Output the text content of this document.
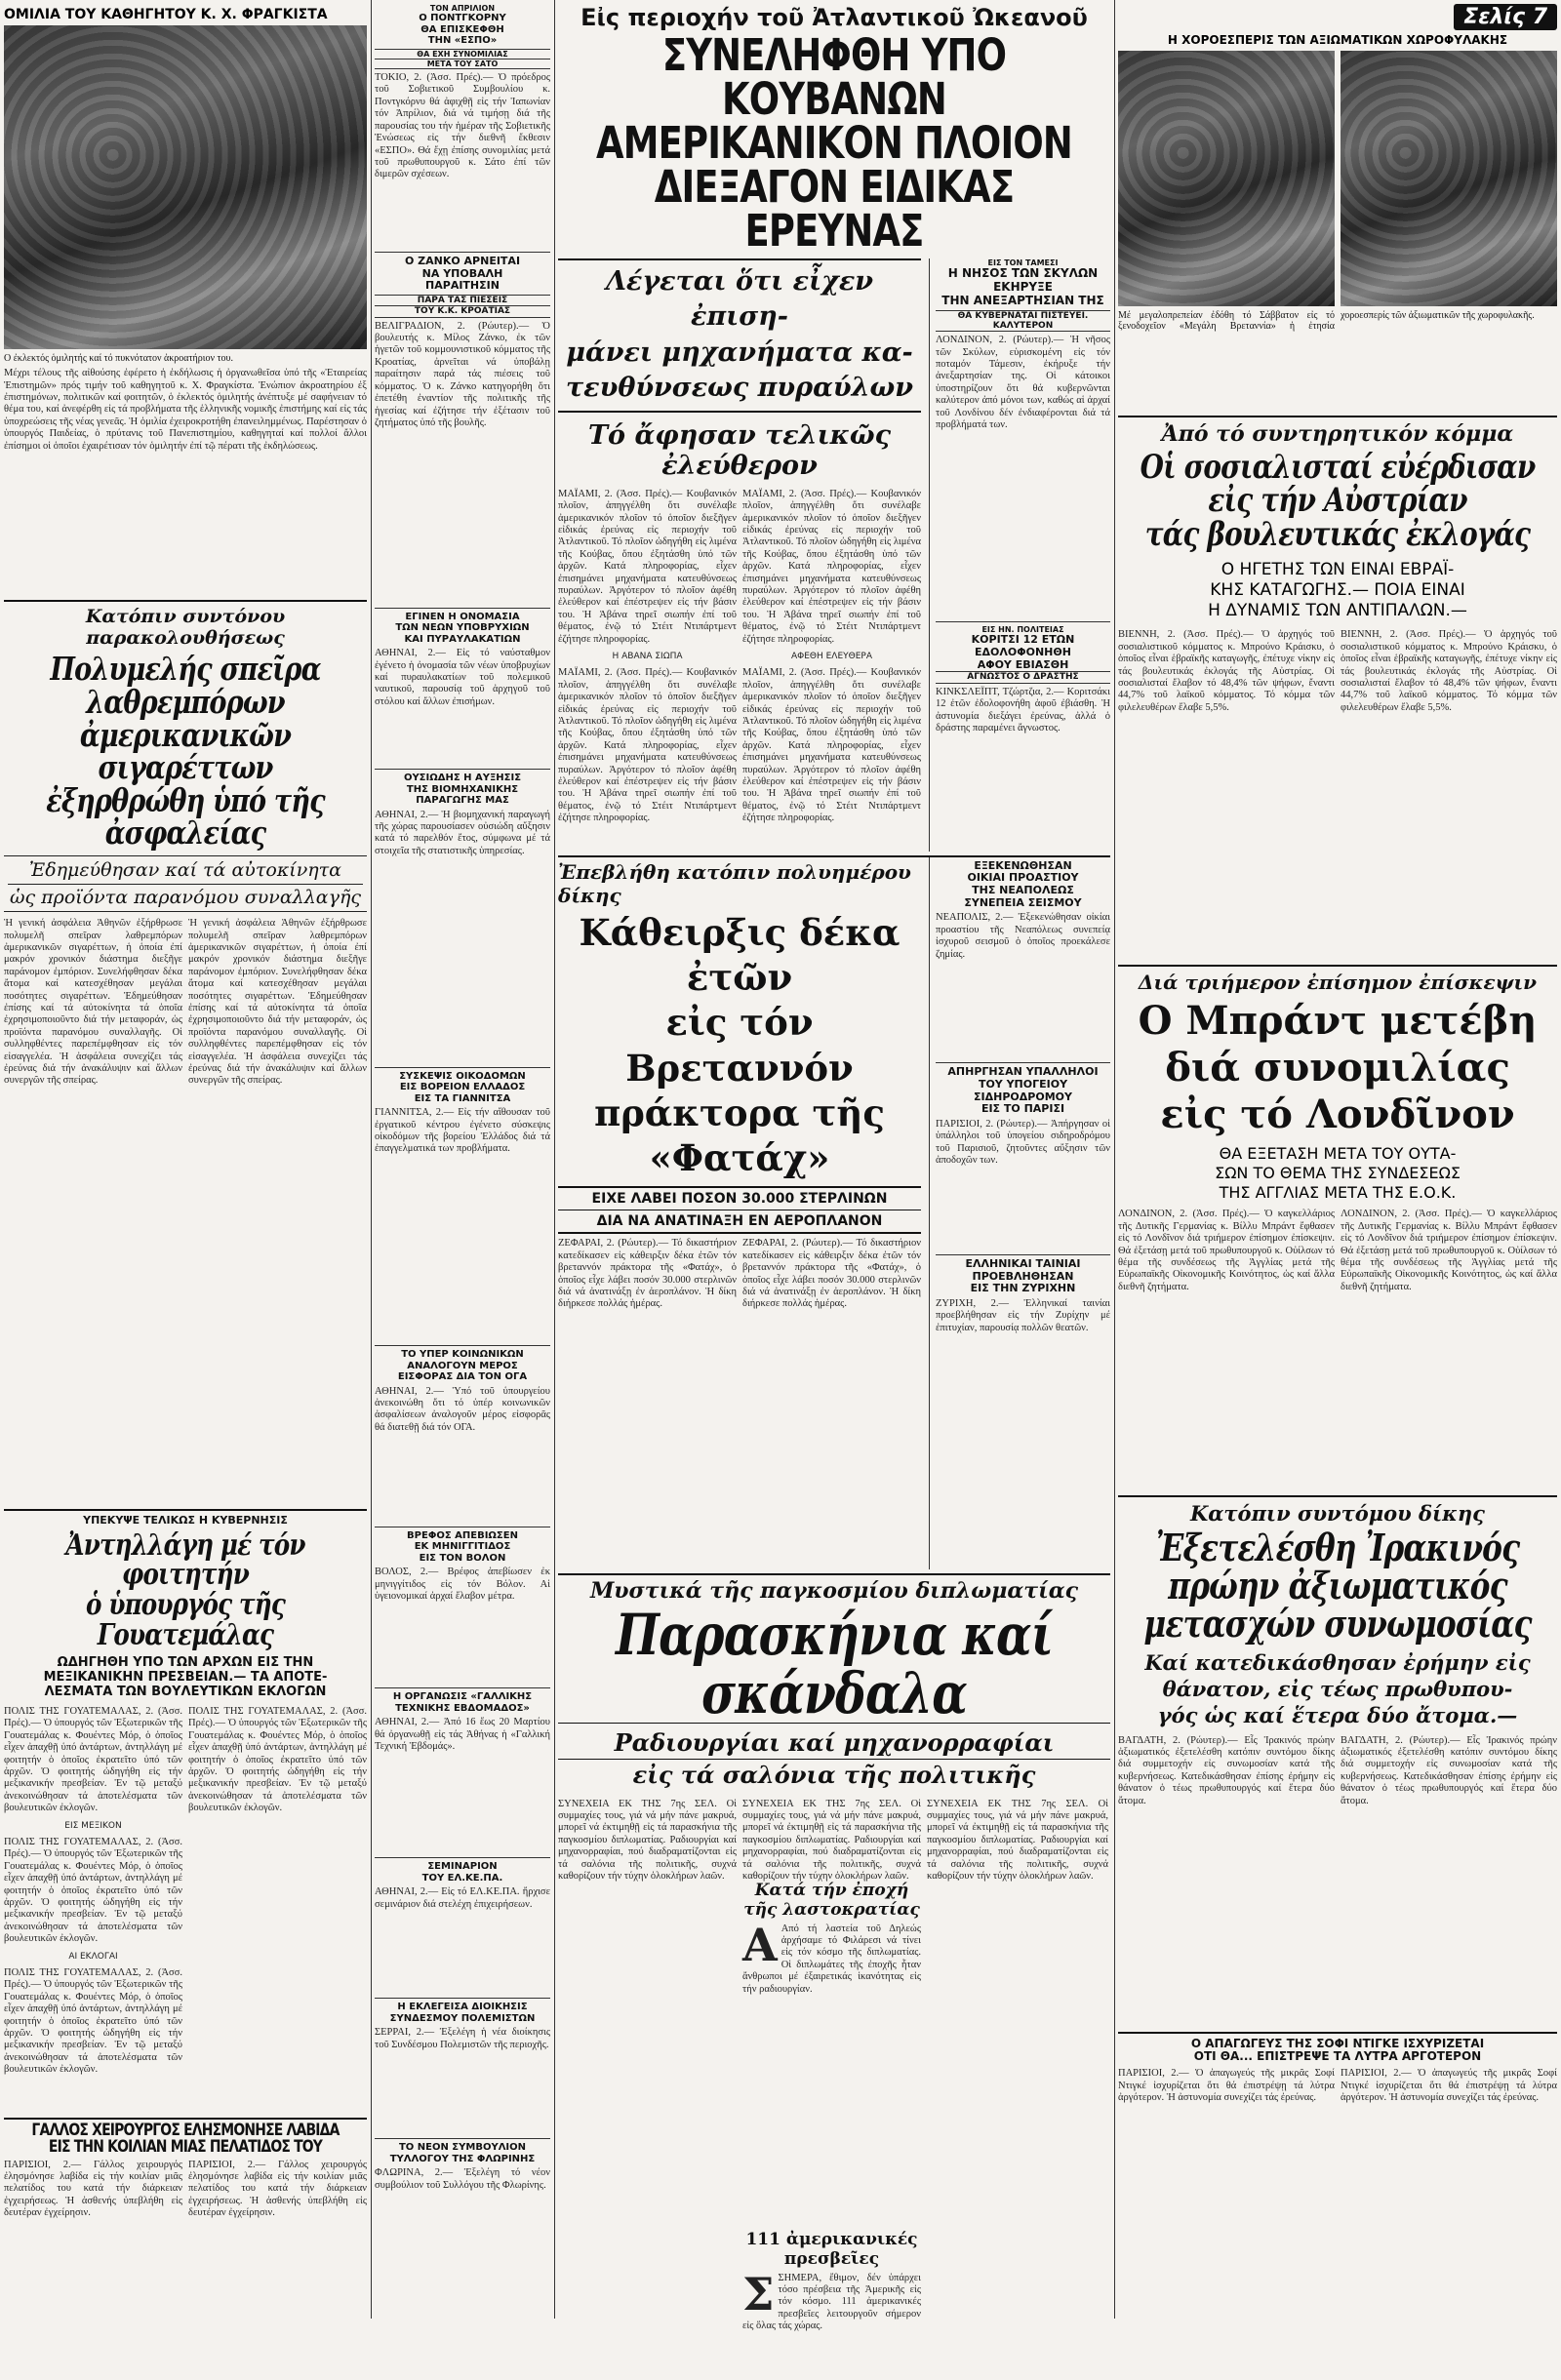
ΟΜΙΛΙΑ ΤΟΥ ΚΑΘΗΓΗΤΟΥ Κ. Χ. ΦΡΑΓΚΙΣΤΑ
Ο ἐκλεκτός ὁμιλητής καί τό πυκνότατον ἀκροατήριον του.
Μέχρι τέλους τῆς αἰθούσης ἐφέρετο ἡ ἐκδήλωσις ἡ ὀργανωθεῖσα ὑπό τῆς «Ἑταιρείας Ἐπιστημῶν» πρός τιμήν τοῦ καθηγητοῦ κ. Χ. Φραγκίστα. Ἐνώπιον ἀκροατηρίου ἐξ ἐπιστημόνων, πολιτικῶν καί φοιτητῶν, ὁ ἐκλεκτός ὁμιλητής ἀνέπτυξε μέ σαφήνειαν τό θέμα του, καί ἀνεφέρθη εἰς τά προβλήματα τῆς ἑλληνικῆς νομικῆς ἐπιστήμης καί εἰς τάς ὑποχρεώσεις τῆς νέας γενεᾶς. Ἡ ὁμιλία ἐχειροκροτήθη ἐπανειλημμένως. Παρέστησαν ὁ ὑπουργός Παιδείας, ὁ πρύτανις τοῦ Πανεπιστημίου, καθηγηταί καί πολλοί ἄλλοι ἐπίσημοι οἱ ὁποῖοι ἐχαιρέτισαν τόν ὁμιλητήν ἐπί τῷ πέρατι τῆς ἐκδηλώσεως.
Κατόπιν συντόνου παρακολουθήσεως
Πολυμελής σπεῖρα λαθρεμπόρων
ἀμερικανικῶν σιγαρέττων
ἐξηρθρώθη ὑπό τῆς ἀσφαλείας
Ἐδημεύθησαν καί τά αὐτοκίνητα
ὡς προϊόντα παρανόμου συναλλαγῆς
Ἡ γενική ἀσφάλεια Ἀθηνῶν ἐξήρθρωσε πολυμελῆ σπεῖραν λαθρεμπόρων ἀμερικανικῶν σιγαρέττων, ἡ ὁποία ἐπί μακρόν χρονικόν διάστημα διεξῆγε παράνομον ἐμπόριον. Συνελήφθησαν δέκα ἄτομα καί κατεσχέθησαν μεγάλαι ποσότητες σιγαρέττων. Ἐδημεύθησαν ἐπίσης καί τά αὐτοκίνητα τά ὁποῖα ἐχρησιμοποιοῦντο διά τήν μεταφοράν, ὡς προϊόντα παρανόμου συναλλαγῆς. Οἱ συλληφθέντες παρεπέμφθησαν εἰς τόν εἰσαγγελέα. Ἡ ἀσφάλεια συνεχίζει τάς ἐρεύνας διά τήν ἀνακάλυψιν καί ἄλλων συνεργῶν τῆς σπείρας.
Ἡ γενική ἀσφάλεια Ἀθηνῶν ἐξήρθρωσε πολυμελῆ σπεῖραν λαθρεμπόρων ἀμερικανικῶν σιγαρέττων, ἡ ὁποία ἐπί μακρόν χρονικόν διάστημα διεξῆγε παράνομον ἐμπόριον. Συνελήφθησαν δέκα ἄτομα καί κατεσχέθησαν μεγάλαι ποσότητες σιγαρέττων. Ἐδημεύθησαν ἐπίσης καί τά αὐτοκίνητα τά ὁποῖα ἐχρησιμοποιοῦντο διά τήν μεταφοράν, ὡς προϊόντα παρανόμου συναλλαγῆς. Οἱ συλληφθέντες παρεπέμφθησαν εἰς τόν εἰσαγγελέα. Ἡ ἀσφάλεια συνεχίζει τάς ἐρεύνας διά τήν ἀνακάλυψιν καί ἄλλων συνεργῶν τῆς σπείρας.
ΥΠΕΚΥΨΕ ΤΕΛΙΚΩΣ Η ΚΥΒΕΡΝΗΣΙΣ
Ἀντηλλάγη μέ τόν φοιτητήν
ὁ ὑπουργός τῆς Γουατεμάλας
ΩΔΗΓΗΘΗ ΥΠΟ ΤΩΝ ΑΡΧΩΝ ΕΙΣ ΤΗΝ
ΜΕΞΙΚΑΝΙΚΗΝ ΠΡΕΣΒΕΙΑΝ.— ΤΑ ΑΠΟΤΕ-
ΛΕΣΜΑΤΑ ΤΩΝ ΒΟΥΛΕΥΤΙΚΩΝ ΕΚΛΟΓΩΝ
ΠΟΛΙΣ ΤΗΣ ΓΟΥΑΤΕΜΑΛΑΣ, 2. (Ἀσσ. Πρές).— Ὁ ὑπουργός τῶν Ἐξωτερικῶν τῆς Γουατεμάλας κ. Φουέντες Μόρ, ὁ ὁποῖος εἶχεν ἀπαχθῇ ὑπό ἀντάρτων, ἀντηλλάγη μέ φοιτητήν ὁ ὁποῖος ἐκρατεῖτο ὑπό τῶν ἀρχῶν. Ὁ φοιτητής ὠδηγήθη εἰς τήν μεξικανικήν πρεσβείαν. Ἐν τῷ μεταξύ ἀνεκοινώθησαν τά ἀποτελέσματα τῶν βουλευτικῶν ἐκλογῶν.
ΕΙΣ ΜΕΞΙΚΟΝ
ΠΟΛΙΣ ΤΗΣ ΓΟΥΑΤΕΜΑΛΑΣ, 2. (Ἀσσ. Πρές).— Ὁ ὑπουργός τῶν Ἐξωτερικῶν τῆς Γουατεμάλας κ. Φουέντες Μόρ, ὁ ὁποῖος εἶχεν ἀπαχθῇ ὑπό ἀντάρτων, ἀντηλλάγη μέ φοιτητήν ὁ ὁποῖος ἐκρατεῖτο ὑπό τῶν ἀρχῶν. Ὁ φοιτητής ὠδηγήθη εἰς τήν μεξικανικήν πρεσβείαν. Ἐν τῷ μεταξύ ἀνεκοινώθησαν τά ἀποτελέσματα τῶν βουλευτικῶν ἐκλογῶν.
ΑΙ ΕΚΛΟΓΑΙ
ΠΟΛΙΣ ΤΗΣ ΓΟΥΑΤΕΜΑΛΑΣ, 2. (Ἀσσ. Πρές).— Ὁ ὑπουργός τῶν Ἐξωτερικῶν τῆς Γουατεμάλας κ. Φουέντες Μόρ, ὁ ὁποῖος εἶχεν ἀπαχθῇ ὑπό ἀντάρτων, ἀντηλλάγη μέ φοιτητήν ὁ ὁποῖος ἐκρατεῖτο ὑπό τῶν ἀρχῶν. Ὁ φοιτητής ὠδηγήθη εἰς τήν μεξικανικήν πρεσβείαν. Ἐν τῷ μεταξύ ἀνεκοινώθησαν τά ἀποτελέσματα τῶν βουλευτικῶν ἐκλογῶν.
ΠΟΛΙΣ ΤΗΣ ΓΟΥΑΤΕΜΑΛΑΣ, 2. (Ἀσσ. Πρές).— Ὁ ὑπουργός τῶν Ἐξωτερικῶν τῆς Γουατεμάλας κ. Φουέντες Μόρ, ὁ ὁποῖος εἶχεν ἀπαχθῇ ὑπό ἀντάρτων, ἀντηλλάγη μέ φοιτητήν ὁ ὁποῖος ἐκρατεῖτο ὑπό τῶν ἀρχῶν. Ὁ φοιτητής ὠδηγήθη εἰς τήν μεξικανικήν πρεσβείαν. Ἐν τῷ μεταξύ ἀνεκοινώθησαν τά ἀποτελέσματα τῶν βουλευτικῶν ἐκλογῶν.
ΓΑΛΛΟΣ ΧΕΙΡΟΥΡΓΟΣ ΕΛΗΣΜΟΝΗΣΕ ΛΑΒΙΔΑ
ΕΙΣ ΤΗΝ ΚΟΙΛΙΑΝ ΜΙΑΣ ΠΕΛΑΤΙΔΟΣ ΤΟΥ
ΠΑΡΙΣΙΟΙ, 2.— Γάλλος χειρουργός ἐλησμόνησε λαβίδα εἰς τήν κοιλίαν μιᾶς πελατίδος του κατά τήν διάρκειαν ἐγχειρήσεως. Ἡ ἀσθενής ὑπεβλήθη εἰς δευτέραν ἐγχείρησιν.
ΠΑΡΙΣΙΟΙ, 2.— Γάλλος χειρουργός ἐλησμόνησε λαβίδα εἰς τήν κοιλίαν μιᾶς πελατίδος του κατά τήν διάρκειαν ἐγχειρήσεως. Ἡ ἀσθενής ὑπεβλήθη εἰς δευτέραν ἐγχείρησιν.
ΤΟΝ ΑΠΡΙΛΙΟΝ
Ο ΠΟΝΤΓΚΟΡΝΥ
ΘΑ ΕΠΙΣΚΕΦΘΗ
ΤΗΝ «ΕΣΠΟ»
ΘΑ ΕΧΗ ΣΥΝΟΜΙΛΙΑΣ
ΜΕΤΑ ΤΟΥ ΣΑΤΟ
ΤΟΚΙΟ, 2. (Ἀσσ. Πρές).— Ὁ πρόεδρος τοῦ Σοβιετικοῦ Συμβουλίου κ. Ποντγκόρνυ θά ἀφιχθῇ εἰς τήν Ἰαπωνίαν τόν Ἀπρίλιον, διά νά τιμήσῃ διά τῆς παρουσίας του τήν ἡμέραν τῆς Σοβιετικῆς Ἑνώσεως εἰς τήν διεθνῆ ἔκθεσιν «ΕΣΠΟ». Θά ἔχῃ ἐπίσης συνομιλίας μετά τοῦ πρωθυπουργοῦ κ. Σάτο ἐπί τῶν διμερῶν σχέσεων.
Ο ΖΑΝΚΟ ΑΡΝΕΙΤΑΙ
ΝΑ ΥΠΟΒΑΛΗ
ΠΑΡΑΙΤΗΣΙΝ
ΠΑΡΑ ΤΑΣ ΠΙΕΣΕΙΣ
ΤΟΥ Κ.Κ. ΚΡΟΑΤΙΑΣ
ΒΕΛΙΓΡΑΔΙΟΝ, 2. (Ρώυτερ).— Ὁ βουλευτής κ. Μίλος Ζάνκο, ἐκ τῶν ἡγετῶν τοῦ κομμουνιστικοῦ κόμματος τῆς Κροατίας, ἀρνεῖται νά ὑποβάλῃ παραίτησιν παρά τάς πιέσεις τοῦ κόμματος. Ὁ κ. Ζάνκο κατηγορήθη ὅτι ἐπετέθη ἐναντίον τῆς πολιτικῆς τῆς ἡγεσίας καί ἐζήτησε τήν ἐξέτασιν τοῦ ζητήματος ὑπό τῆς βουλῆς.
ΕΓΙΝΕΝ Η ΟΝΟΜΑΣΙΑ
ΤΩΝ ΝΕΩΝ ΥΠΟΒΡΥΧΙΩΝ
ΚΑΙ ΠΥΡΑΥΛΑΚΑΤΙΩΝ
ΑΘΗΝΑΙ, 2.— Εἰς τό ναύσταθμον ἐγένετο ἡ ὀνομασία τῶν νέων ὑποβρυχίων καί πυραυλακατίων τοῦ πολεμικοῦ ναυτικοῦ, παρουσίᾳ τοῦ ἀρχηγοῦ τοῦ στόλου καί ἄλλων ἐπισήμων.
ΟΥΣΙΩΔΗΣ Η ΑΥΞΗΣΙΣ
ΤΗΣ ΒΙΟΜΗΧΑΝΙΚΗΣ
ΠΑΡΑΓΩΓΗΣ ΜΑΣ
ΑΘΗΝΑΙ, 2.— Ἡ βιομηχανική παραγωγή τῆς χώρας παρουσίασεν οὐσιώδη αὔξησιν κατά τό παρελθόν ἔτος, σύμφωνα μέ τά στοιχεῖα τῆς στατιστικῆς ὑπηρεσίας.
ΣΥΣΚΕΨΙΣ ΟΙΚΟΔΟΜΩΝ
ΕΙΣ ΒΟΡΕΙΟΝ ΕΛΛΑΔΟΣ
ΕΙΣ ΤΑ ΓΙΑΝΝΙΤΣΑ
ΓΙΑΝΝΙΤΣΑ, 2.— Εἰς τήν αἴθουσαν τοῦ ἐργατικοῦ κέντρου ἐγένετο σύσκεψις οἰκοδόμων τῆς βορείου Ἑλλάδος διά τά ἐπαγγελματικά των προβλήματα.
ΤΟ ΥΠΕΡ ΚΟΙΝΩΝΙΚΩΝ
ΑΝΑΛΟΓΟΥΝ ΜΕΡΟΣ
ΕΙΣΦΟΡΑΣ ΔΙΑ ΤΟΝ ΟΓΑ
ΑΘΗΝΑΙ, 2.— Ὑπό τοῦ ὑπουργείου ἀνεκοινώθη ὅτι τό ὑπέρ κοινωνικῶν ἀσφαλίσεων ἀναλογοῦν μέρος εἰσφορᾶς θά διατεθῇ διά τόν ΟΓΑ.
ΒΡΕΦΟΣ ΑΠΕΒΙΩΣΕΝ
ΕΚ ΜΗΝΙΓΓΙΤΙΔΟΣ
ΕΙΣ ΤΟΝ ΒΟΛΟΝ
ΒΟΛΟΣ, 2.— Βρέφος ἀπεβίωσεν ἐκ μηνιγγίτιδος εἰς τόν Βόλον. Αἱ ὑγειονομικαί ἀρχαί ἔλαβον μέτρα.
Η ΟΡΓΑΝΩΣΙΣ «ΓΑΛΛΙΚΗΣ
ΤΕΧΝΙΚΗΣ ΕΒΔΟΜΑΔΟΣ»
ΑΘΗΝΑΙ, 2.— Ἀπό 16 ἕως 20 Μαρτίου θά ὀργανωθῇ εἰς τάς Ἀθήνας ἡ «Γαλλική Τεχνική Ἑβδομάς».
ΣΕΜΙΝΑΡΙΟΝ
ΤΟΥ ΕΛ.ΚΕ.ΠΑ.
ΑΘΗΝΑΙ, 2.— Εἰς τό ΕΛ.ΚΕ.ΠΑ. ἤρχισε σεμινάριον διά στελέχη ἐπιχειρήσεων.
Η ΕΚΛΕΓΕΙΣΑ ΔΙΟΙΚΗΣΙΣ
ΣΥΝΔΕΣΜΟΥ ΠΟΛΕΜΙΣΤΩΝ
ΣΕΡΡΑΙ, 2.— Ἐξελέγη ἡ νέα διοίκησις τοῦ Συνδέσμου Πολεμιστῶν τῆς περιοχῆς.
ΤΟ ΝΕΟΝ ΣΥΜΒΟΥΛΙΟΝ
ΤΥΛΛΟΓΟΥ ΤΗΣ ΦΛΩΡΙΝΗΣ
ΦΛΩΡΙΝΑ, 2.— Ἐξελέγη τό νέον συμβούλιον τοῦ Συλλόγου τῆς Φλωρίνης.
Εἰς περιοχήν τοῦ Ἀτλαντικοῦ Ὠκεανοῦ
ΣΥΝΕΛΗΦΘΗ ΥΠΟ ΚΟΥΒΑΝΩΝ
ΑΜΕΡΙΚΑΝΙΚΟΝ ΠΛΟΙΟΝ
ΔΙΕΞΑΓΟΝ ΕΙΔΙΚΑΣ ΕΡΕΥΝΑΣ
Λέγεται ὅτι εἶχεν ἐπιση-
μάνει μηχανήματα κα-
τευθύνσεως πυραύλων
Τό ἄφησαν τελικῶς ἐλεύθερον
ΜΑΪΑΜΙ, 2. (Ἀσσ. Πρές).— Κουβανικόν πλοῖον, ἀπηγγέλθη ὅτι συνέλαβε ἀμερικανικόν πλοῖον τό ὁποῖον διεξῆγεν εἰδικάς ἐρεύνας εἰς περιοχήν τοῦ Ἀτλαντικοῦ. Τό πλοῖον ὠδηγήθη εἰς λιμένα τῆς Κούβας, ὅπου ἐξητάσθη ὑπό τῶν ἀρχῶν. Κατά πληροφορίας, εἶχεν ἐπισημάνει μηχανήματα κατευθύνσεως πυραύλων. Ἀργότερον τό πλοῖον ἀφέθη ἐλεύθερον καί ἐπέστρεψεν εἰς τήν βάσιν του. Ἡ Ἀβάνα τηρεῖ σιωπήν ἐπί τοῦ θέματος, ἐνῷ τό Στέιτ Ντιπάρτμεντ ἐζήτησε πληροφορίας.
Η ΑΒΑΝΑ ΣΙΩΠΑ
ΜΑΪΑΜΙ, 2. (Ἀσσ. Πρές).— Κουβανικόν πλοῖον, ἀπηγγέλθη ὅτι συνέλαβε ἀμερικανικόν πλοῖον τό ὁποῖον διεξῆγεν εἰδικάς ἐρεύνας εἰς περιοχήν τοῦ Ἀτλαντικοῦ. Τό πλοῖον ὠδηγήθη εἰς λιμένα τῆς Κούβας, ὅπου ἐξητάσθη ὑπό τῶν ἀρχῶν. Κατά πληροφορίας, εἶχεν ἐπισημάνει μηχανήματα κατευθύνσεως πυραύλων. Ἀργότερον τό πλοῖον ἀφέθη ἐλεύθερον καί ἐπέστρεψεν εἰς τήν βάσιν του. Ἡ Ἀβάνα τηρεῖ σιωπήν ἐπί τοῦ θέματος, ἐνῷ τό Στέιτ Ντιπάρτμεντ ἐζήτησε πληροφορίας.
ΜΑΪΑΜΙ, 2. (Ἀσσ. Πρές).— Κουβανικόν πλοῖον, ἀπηγγέλθη ὅτι συνέλαβε ἀμερικανικόν πλοῖον τό ὁποῖον διεξῆγεν εἰδικάς ἐρεύνας εἰς περιοχήν τοῦ Ἀτλαντικοῦ. Τό πλοῖον ὠδηγήθη εἰς λιμένα τῆς Κούβας, ὅπου ἐξητάσθη ὑπό τῶν ἀρχῶν. Κατά πληροφορίας, εἶχεν ἐπισημάνει μηχανήματα κατευθύνσεως πυραύλων. Ἀργότερον τό πλοῖον ἀφέθη ἐλεύθερον καί ἐπέστρεψεν εἰς τήν βάσιν του. Ἡ Ἀβάνα τηρεῖ σιωπήν ἐπί τοῦ θέματος, ἐνῷ τό Στέιτ Ντιπάρτμεντ ἐζήτησε πληροφορίας.
ΑΦΕΘΗ ΕΛΕΥΘΕΡΑ
ΜΑΪΑΜΙ, 2. (Ἀσσ. Πρές).— Κουβανικόν πλοῖον, ἀπηγγέλθη ὅτι συνέλαβε ἀμερικανικόν πλοῖον τό ὁποῖον διεξῆγεν εἰδικάς ἐρεύνας εἰς περιοχήν τοῦ Ἀτλαντικοῦ. Τό πλοῖον ὠδηγήθη εἰς λιμένα τῆς Κούβας, ὅπου ἐξητάσθη ὑπό τῶν ἀρχῶν. Κατά πληροφορίας, εἶχεν ἐπισημάνει μηχανήματα κατευθύνσεως πυραύλων. Ἀργότερον τό πλοῖον ἀφέθη ἐλεύθερον καί ἐπέστρεψεν εἰς τήν βάσιν του. Ἡ Ἀβάνα τηρεῖ σιωπήν ἐπί τοῦ θέματος, ἐνῷ τό Στέιτ Ντιπάρτμεντ ἐζήτησε πληροφορίας.
ΕΙΣ ΤΟΝ ΤΑΜΕΣΙ
Η ΝΗΣΟΣ ΤΩΝ ΣΚΥΛΩΝ
ΕΚΗΡΥΞΕ
ΤΗΝ ΑΝΕΞΑΡΤΗΣΙΑΝ ΤΗΣ
ΘΑ ΚΥΒΕΡΝΑΤΑΙ ΠΙΣΤΕΥΕΙ. ΚΑΛΥΤΕΡΟΝ
ΛΟΝΔΙΝΟΝ, 2. (Ρώυτερ).— Ἡ νῆσος τῶν Σκύλων, εὑρισκομένη εἰς τόν ποταμόν Τάμεσιν, ἐκήρυξε τήν ἀνεξαρτησίαν της. Οἱ κάτοικοι ὑποστηρίζουν ὅτι θά κυβερνῶνται καλύτερον ἀπό μόνοι των, καθώς αἱ ἀρχαί τοῦ Λονδίνου δέν ἐνδιαφέρονται διά τά προβλήματά των.
ΕΙΣ ΗΝ. ΠΟΛΙΤΕΙΑΣ
ΚΟΡΙΤΣΙ 12 ΕΤΩΝ
ΕΔΟΛΟΦΟΝΗΘΗ
ΑΦΟΥ ΕΒΙΑΣΘΗ
ΑΓΝΩΣΤΟΣ Ο ΔΡΑΣΤΗΣ
ΚΙΝΚΣΛΕΪΠΤ, Τζώρτζια, 2.— Κοριτσάκι 12 ἐτῶν ἐδολοφονήθη ἀφοῦ ἐβιάσθη. Ἡ ἀστυνομία διεξάγει ἐρεύνας, ἀλλά ὁ δράστης παραμένει ἄγνωστος.
Ἐπεβλήθη κατόπιν πολυημέρου δίκης
Κάθειρξις δέκα ἐτῶν
εἰς τόν Βρεταννόν
πράκτορα τῆς «Φατάχ»
ΕΙΧΕ ΛΑΒΕΙ ΠΟΣΟΝ 30.000 ΣΤΕΡΛΙΝΩΝ
ΔΙΑ ΝΑ ΑΝΑΤΙΝΑΞΗ ΕΝ ΑΕΡΟΠΛΑΝΟΝ
ΖΕΦΑΡΑΙ, 2. (Ρώυτερ).— Τό δικαστήριον κατεδίκασεν εἰς κάθειρξιν δέκα ἐτῶν τόν βρεταννόν πράκτορα τῆς «Φατάχ», ὁ ὁποῖος εἶχε λάβει ποσόν 30.000 στερλινῶν διά νά ἀνατινάξῃ ἐν ἀεροπλάνον. Ἡ δίκη διήρκεσε πολλάς ἡμέρας.
ΖΕΦΑΡΑΙ, 2. (Ρώυτερ).— Τό δικαστήριον κατεδίκασεν εἰς κάθειρξιν δέκα ἐτῶν τόν βρεταννόν πράκτορα τῆς «Φατάχ», ὁ ὁποῖος εἶχε λάβει ποσόν 30.000 στερλινῶν διά νά ἀνατινάξῃ ἐν ἀεροπλάνον. Ἡ δίκη διήρκεσε πολλάς ἡμέρας.
ΕΞΕΚΕΝΩΘΗΣΑΝ
ΟΙΚΙΑΙ ΠΡΟΑΣΤΙΟΥ
ΤΗΣ ΝΕΑΠΟΛΕΩΣ
ΣΥΝΕΠΕΙΑ ΣΕΙΣΜΟΥ
ΝΕΑΠΟΛΙΣ, 2.— Ἐξεκενώθησαν οἰκίαι προαστίου τῆς Νεαπόλεως συνεπείᾳ ἰσχυροῦ σεισμοῦ ὁ ὁποῖος προεκάλεσε ζημίας.
ΑΠΗΡΓΗΣΑΝ ΥΠΑΛΛΗΛΟΙ
ΤΟΥ ΥΠΟΓΕΙΟΥ
ΣΙΔΗΡΟΔΡΟΜΟΥ
ΕΙΣ ΤΟ ΠΑΡΙΣΙ
ΠΑΡΙΣΙΟΙ, 2. (Ρώυτερ).— Ἀπήργησαν οἱ ὑπάλληλοι τοῦ ὑπογείου σιδηροδρόμου τοῦ Παρισιοῦ, ζητοῦντες αὔξησιν τῶν ἀποδοχῶν των.
ΕΛΛΗΝΙΚΑΙ ΤΑΙΝΙΑΙ
ΠΡΟΕΒΛΗΘΗΣΑΝ
ΕΙΣ ΤΗΝ ΖΥΡΙΧΗΝ
ΖΥΡΙΧΗ, 2.— Ἑλληνικαί ταινίαι προεβλήθησαν εἰς τήν Ζυρίχην μέ ἐπιτυχίαν, παρουσίᾳ πολλῶν θεατῶν.
Μυστικά τῆς παγκοσμίου διπλωματίας
Παρασκήνια καί σκάνδαλα
Ραδιουργίαι καί μηχανορραφίαι
εἰς τά σαλόνια τῆς πολιτικῆς
ΣΥΝΕΧΕΙΑ ΕΚ ΤΗΣ 7ης ΣΕΛ. Οἱ συμμαχίες τους, γιά νά μήν πάνε μακρυά, μπορεῖ νά ἐκτιμηθῇ εἰς τά παρασκήνια τῆς παγκοσμίου διπλωματίας. Ραδιουργίαι καί μηχανορραφίαι, πού διαδραματίζονται εἰς τά σαλόνια τῆς πολιτικῆς, συχνά καθορίζουν τήν τύχην ὁλοκλήρων λαῶν.
ΣΥΝΕΧΕΙΑ ΕΚ ΤΗΣ 7ης ΣΕΛ. Οἱ συμμαχίες τους, γιά νά μήν πάνε μακρυά, μπορεῖ νά ἐκτιμηθῇ εἰς τά παρασκήνια τῆς παγκοσμίου διπλωματίας. Ραδιουργίαι καί μηχανορραφίαι, πού διαδραματίζονται εἰς τά σαλόνια τῆς πολιτικῆς, συχνά καθορίζουν τήν τύχην ὁλοκλήρων λαῶν.
Κατά τήν ἐποχή
τῆς λαστοκρατίας
Α Από τή λαστεία τοῦ Δηλεώς ἀρχήσαμε τό Φιλάρεσι νά τίνει εἰς τόν κόσμο τῆς διπλωματίας. Οἱ διπλωμάτες τῆς ἐποχῆς ἦταν ἄνθρωποι μέ ἐξαιρετικάς ἱκανότητας εἰς τήν ραδιουργίαν.
111 ἀμερικανικές
πρεσβεῖες
ΣΣΗΜΕΡΑ, ἔθιμον, δέν ὑπάρχει τόσο πρέσβεια τῆς Ἀμερικῆς εἰς τόν κόσμο. 111 ἀμερικανικές πρεσβεῖες λειτουργοῦν σήμερον εἰς ὅλας τάς χώρας.
ΣΥΝΕΧΕΙΑ ΕΚ ΤΗΣ 7ης ΣΕΛ. Οἱ συμμαχίες τους, γιά νά μήν πάνε μακρυά, μπορεῖ νά ἐκτιμηθῇ εἰς τά παρασκήνια τῆς παγκοσμίου διπλωματίας. Ραδιουργίαι καί μηχανορραφίαι, πού διαδραματίζονται εἰς τά σαλόνια τῆς πολιτικῆς, συχνά καθορίζουν τήν τύχην ὁλοκλήρων λαῶν.
Σελίς 7
Η ΧΟΡΟΕΣΠΕΡΙΣ ΤΩΝ ΑΞΙΩΜΑΤΙΚΩΝ ΧΩΡΟΦΥΛΑΚΗΣ
Μέ μεγαλοπρεπείαν ἐδόθη τό Σάββατον εἰς τό ξενοδοχεῖον «Μεγάλη Βρεταννία» ἡ ἐτησία χοροεσπερίς τῶν ἀξιωματικῶν τῆς χωροφυλακῆς.
Ἀπό τό συντηρητικόν κόμμα
Οἱ σοσιαλισταί εὐέρδισαν
εἰς τήν Αὐστρίαν
τάς βουλευτικάς ἐκλογάς
Ο ΗΓΕΤΗΣ ΤΩΝ ΕΙΝΑΙ ΕΒΡΑΪ-
ΚΗΣ ΚΑΤΑΓΩΓΗΣ.— ΠΟΙΑ ΕΙΝΑΙ
Η ΔΥΝΑΜΙΣ ΤΩΝ ΑΝΤΙΠΑΛΩΝ.—
ΒΙΕΝΝΗ, 2. (Ἀσσ. Πρές).— Ὁ ἀρχηγός τοῦ σοσιαλιστικοῦ κόμματος κ. Μπρούνο Κράισκυ, ὁ ὁποῖος εἶναι ἑβραϊκῆς καταγωγῆς, ἐπέτυχε νίκην εἰς τάς βουλευτικάς ἐκλογάς τῆς Αὐστρίας. Οἱ σοσιαλισταί ἔλαβον τό 48,4% τῶν ψήφων, ἔναντι 44,7% τοῦ λαϊκοῦ κόμματος. Τό κόμμα τῶν φιλελευθέρων ἔλαβε 5,5%.
ΒΙΕΝΝΗ, 2. (Ἀσσ. Πρές).— Ὁ ἀρχηγός τοῦ σοσιαλιστικοῦ κόμματος κ. Μπρούνο Κράισκυ, ὁ ὁποῖος εἶναι ἑβραϊκῆς καταγωγῆς, ἐπέτυχε νίκην εἰς τάς βουλευτικάς ἐκλογάς τῆς Αὐστρίας. Οἱ σοσιαλισταί ἔλαβον τό 48,4% τῶν ψήφων, ἔναντι 44,7% τοῦ λαϊκοῦ κόμματος. Τό κόμμα τῶν φιλελευθέρων ἔλαβε 5,5%.
Διά τριήμερον ἐπίσημον ἐπίσκεψιν
Ο Μπράντ μετέβη
διά συνομιλίας
εἰς τό Λονδῖνον
ΘΑ ΕΞΕΤΑΣΗ ΜΕΤΑ ΤΟΥ ΟΥΤΑ-
ΣΩΝ ΤΟ ΘΕΜΑ ΤΗΣ ΣΥΝΔΕΣΕΩΣ
ΤΗΣ ΑΓΓΛΙΑΣ ΜΕΤΑ ΤΗΣ Ε.Ο.Κ.
ΛΟΝΔΙΝΟΝ, 2. (Ἀσσ. Πρές).— Ὁ καγκελλάριος τῆς Δυτικῆς Γερμανίας κ. Βίλλυ Μπράντ ἔφθασεν εἰς τό Λονδῖνον διά τριήμερον ἐπίσημον ἐπίσκεψιν. Θά ἐξετάσῃ μετά τοῦ πρωθυπουργοῦ κ. Οὐίλσων τό θέμα τῆς συνδέσεως τῆς Ἀγγλίας μετά τῆς Εὐρωπαϊκῆς Οἰκονομικῆς Κοινότητος, ὡς καί ἄλλα διεθνῆ ζητήματα.
ΛΟΝΔΙΝΟΝ, 2. (Ἀσσ. Πρές).— Ὁ καγκελλάριος τῆς Δυτικῆς Γερμανίας κ. Βίλλυ Μπράντ ἔφθασεν εἰς τό Λονδῖνον διά τριήμερον ἐπίσημον ἐπίσκεψιν. Θά ἐξετάσῃ μετά τοῦ πρωθυπουργοῦ κ. Οὐίλσων τό θέμα τῆς συνδέσεως τῆς Ἀγγλίας μετά τῆς Εὐρωπαϊκῆς Οἰκονομικῆς Κοινότητος, ὡς καί ἄλλα διεθνῆ ζητήματα.
Κατόπιν συντόμου δίκης
Ἐξετελέσθη Ἰρακινός
πρώην ἀξιωματικός
μετασχών συνωμοσίας
Καί κατεδικάσθησαν ἐρήμην εἰς
θάνατον, εἰς τέως πρωθυπου-
γός ὡς καί ἕτερα δύο ἄτομα.—
ΒΑΓΔΑΤΗ, 2. (Ρώυτερ).— Εἷς Ἰρακινός πρώην ἀξιωματικός ἐξετελέσθη κατόπιν συντόμου δίκης διά συμμετοχήν εἰς συνωμοσίαν κατά τῆς κυβερνήσεως. Κατεδικάσθησαν ἐπίσης ἐρήμην εἰς θάνατον ὁ τέως πρωθυπουργός καί ἕτερα δύο ἄτομα.
ΒΑΓΔΑΤΗ, 2. (Ρώυτερ).— Εἷς Ἰρακινός πρώην ἀξιωματικός ἐξετελέσθη κατόπιν συντόμου δίκης διά συμμετοχήν εἰς συνωμοσίαν κατά τῆς κυβερνήσεως. Κατεδικάσθησαν ἐπίσης ἐρήμην εἰς θάνατον ὁ τέως πρωθυπουργός καί ἕτερα δύο ἄτομα.
Ο ΑΠΑΓΩΓΕΥΣ ΤΗΣ ΣΟΦΙ ΝΤΙΓΚΕ ΙΣΧΥΡΙΖΕΤΑΙ
ΟΤΙ ΘΑ... ΕΠΙΣΤΡΕΨΕ ΤΑ ΛΥΤΡΑ ΑΡΓΟΤΕΡΟΝ
ΠΑΡΙΣΙΟΙ, 2.— Ὁ ἀπαγωγεύς τῆς μικρᾶς Σοφί Ντιγκέ ἰσχυρίζεται ὅτι θά ἐπιστρέψῃ τά λύτρα ἀργότερον. Ἡ ἀστυνομία συνεχίζει τάς ἐρεύνας.
ΠΑΡΙΣΙΟΙ, 2.— Ὁ ἀπαγωγεύς τῆς μικρᾶς Σοφί Ντιγκέ ἰσχυρίζεται ὅτι θά ἐπιστρέψῃ τά λύτρα ἀργότερον. Ἡ ἀστυνομία συνεχίζει τάς ἐρεύνας.
